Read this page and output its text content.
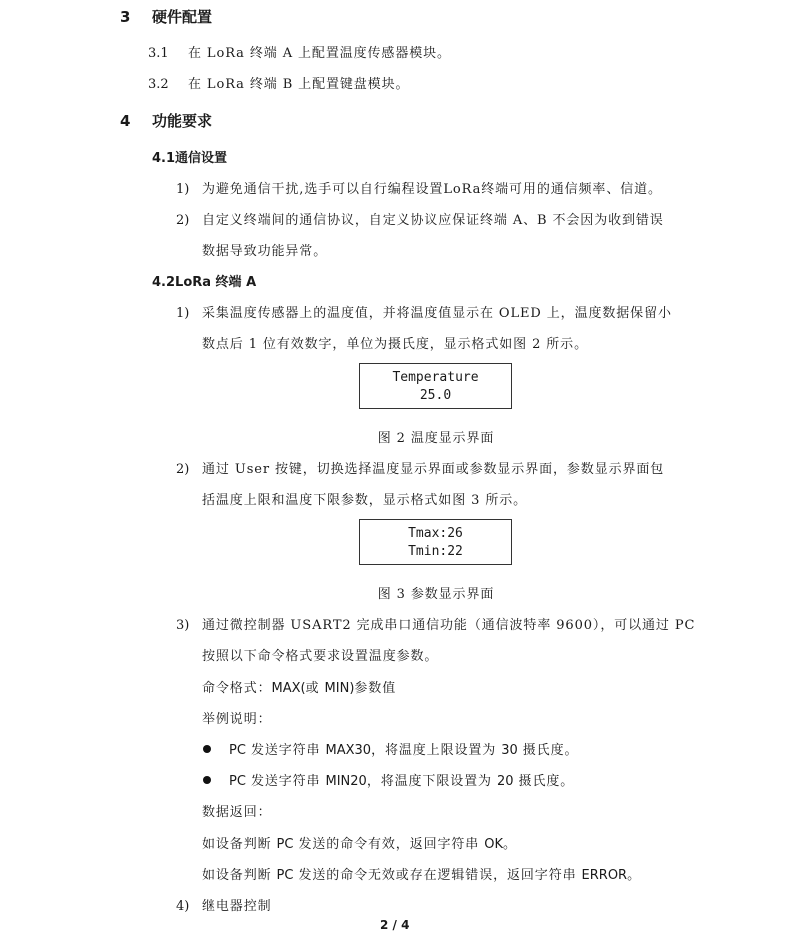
3 硬件配置
3.1 在 LoRa 终端 A 上配置温度传感器模块。
3.2 在 LoRa 终端 B 上配置键盘模块。
4 功能要求
4.1通信设置
1) 为避免通信干扰,选手可以自行编程设置LoRa终端可用的通信频率、信道。
2) 自定义终端间的通信协议，自定义协议应保证终端 A、B 不会因为收到错误
数据导致功能异常。
4.2LoRa 终端 A
1) 采集温度传感器上的温度值，并将温度值显示在 OLED 上，温度数据保留小
数点后 1 位有效数字，单位为摄氏度，显示格式如图 2 所示。
Temperature
25.0
图 2 温度显示界面
2) 通过 User 按键，切换选择温度显示界面或参数显示界面，参数显示界面包
括温度上限和温度下限参数，显示格式如图 3 所示。
Tmax:26
Tmin:22
图 3 参数显示界面
3) 通过微控制器 USART2 完成串口通信功能（通信波特率 9600），可以通过 PC
按照以下命令格式要求设置温度参数。
命令格式：MAX(或 MIN)参数值
举例说明：
PC 发送字符串 MAX30，将温度上限设置为 30 摄氏度。
PC 发送字符串 MIN20，将温度下限设置为 20 摄氏度。
数据返回：
如设备判断 PC 发送的命令有效，返回字符串 OK。
如设备判断 PC 发送的命令无效或存在逻辑错误，返回字符串 ERROR。
4) 继电器控制
2 / 4
